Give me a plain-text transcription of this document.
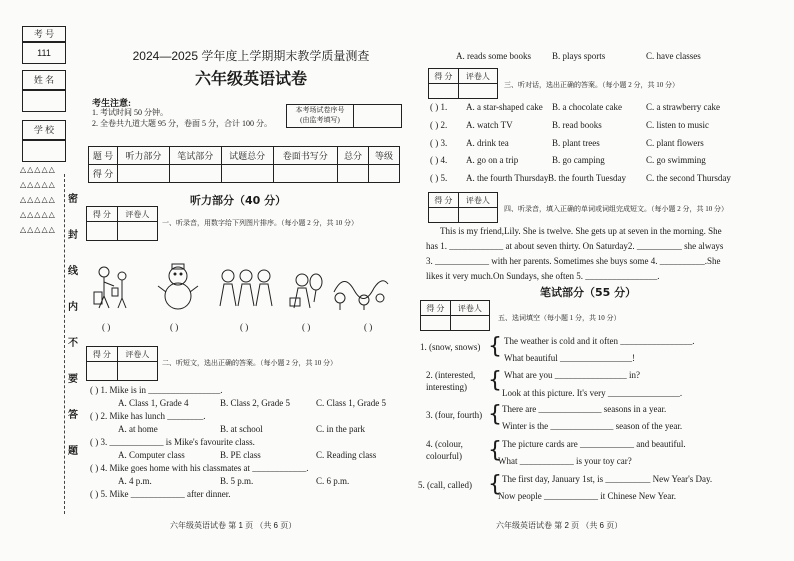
考 号
111
姓 名
学 校
△△△△△
△△△△△
△△△△△
△△△△△
△△△△△
密
封
线
内
不
要
答
题
2024—2025 学年度上学期期末教学质量测查
六年级英语试卷
考生注意:
1. 考试时间 50 分钟。
2. 全卷共九道大题 95 分，卷面 5 分，合计 100 分。
本考场试卷序号
(由监考填写)
题 号	听力部分	笔试部分	试题总分	卷面书写分	总分	等级
得 分						
听力部分（40 分）
得 分	评卷人

一、听录音，用数字给下列图片排序。（每小题 2 分，共 10 分）
( )	( )	( )	( )	( )
得 分	评卷人

二、听短文，选出正确的答案。（每小题 2 分，共 10 分）
( ) 1. Mike is in ________________.
A. Class 1, Grade 4	B. Class 2, Grade 5	C. Class 1, Grade 5
( ) 2. Mike has lunch ________.
A. at home	B. at school	C. in the park
( ) 3. ____________ is Mike's favourite class.
A. Computer class	B. PE class	C. Reading class
( ) 4. Mike goes home with his classmates at ____________.
A. 4 p.m.	B. 5 p.m.	C. 6 p.m.
( ) 5. Mike ____________ after dinner.
A. reads some books B. plays sports	C. have classes
六年级英语试卷 第 1 页 （共 6 页）
得 分	评卷人

三、听对话，选出正确的答案。（每小题 2 分，共 10 分）
( ) 1. A. a star-shaped cake B. a chocolate cake	C. a strawberry cake
( ) 2. A. watch TV	B. read books	C. listen to music
( ) 3. A. drink tea	B. plant trees	C. plant flowers
( ) 4. A. go on a trip	B. go camping	C. go swimming
( ) 5. A. the fourth Thursday B. the fourth Tuesday C. the second Thursday
得 分	评卷人

四、听录音，填入正确的单词或词组完成短文。（每小题 2 分，共 10 分）
This is my friend,Lily. She is twelve. She gets up at seven in the morning. She
has 1. ____________ at about seven thirty. On Saturday2. __________ she always
3. ____________ with her parents. Sometimes she buys some 4. __________.She
likes it very much.On Sundays, she often 5. ________________.
笔试部分（55 分）
得 分	评卷人

五、选词填空（每小题 1 分，共 10 分）
1. (snow, snows) { The weather is cold and it often ________________.
What beautiful ________________!
2. (interested,
interesting) { What are you ________________ in?
Look at this picture. It's very ________________.
3. (four, fourth) { There are ______________ seasons in a year.
Winter is the ______________ season of the year.
4. (colour,
colourful) { The picture cards are ____________ and beautiful.
What ____________ is your toy car?
5. (call, called) { The first day, January 1st, is __________ New Year's Day.
Now people ____________ it Chinese New Year.
六年级英语试卷 第 2 页 （共 6 页）
